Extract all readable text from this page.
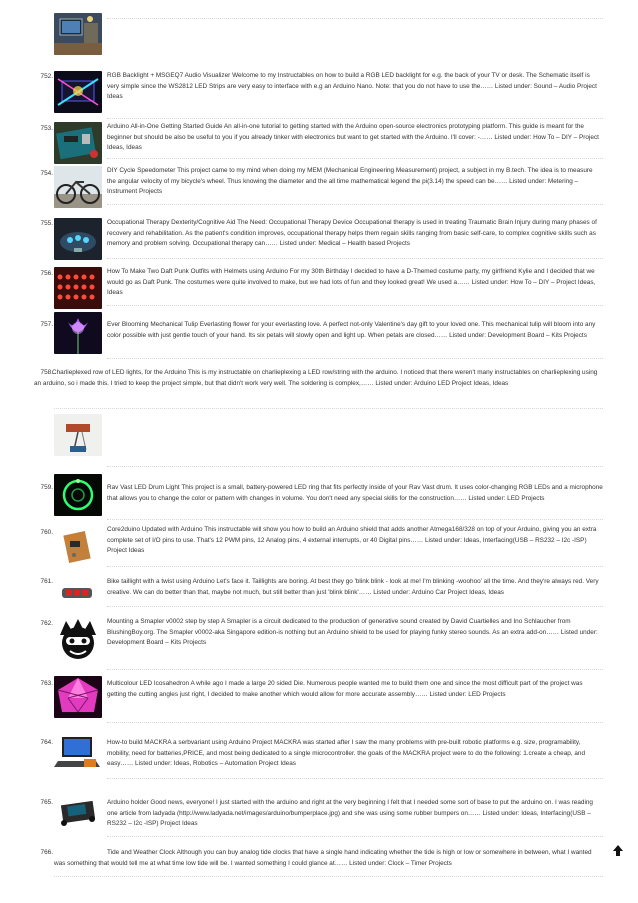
752.	RGB Backlight + MSGEQ7 Audio Visualizer Welcome to my Instructables on how to build a RGB LED backlight for e.g. the back of your TV or desk. The Schematic itself is very simple since the WS2812 LED Strips are very easy to interface with e.g an Arduino Nano. Note: that you do not have to use the…… Listed under: Sound – Audio Project Ideas
753.	Arduino All-in-One Getting Started Guide An all-in-one tutorial to getting started with the Arduino open-source electronics prototyping platform. This guide is meant for the beginner but should be also be useful to you if you already tinker with electronics but want to get started with the Arduino. I'll cover: -…… Listed under: How To – DIY – Project Ideas, Ideas
754.	DIY Cycle Speedometer This project came to my mind when doing my MEM (Mechanical Engineering Measurement) project, a subject in my B.tech. The idea is to measure the angular velocity of my bicycle's wheel. Thus knowing the diameter and the all time mathematical legend the pi(3.14) the speed can be…… Listed under: Metering – Instrument Projects
755.	Occupational Therapy Dexterity/Cognitive Aid The Need: Occupational Therapy Device Occupational therapy is used in treating Traumatic Brain Injury during many phases of recovery and rehabilitation. As the patient's condition improves, occupational therapy helps them regain skills ranging from basic self-care, to complex cognitive skills such as memory and problem solving. Occupational therapy can…… Listed under: Medical – Health based Projects
756.	How To Make Two Daft Punk Outfits with Helmets using Arduino For my 30th Birthday I decided to have a D-Themed costume party, my girlfriend Kylie and I decided that we would go as Daft Punk. The costumes were quite involved to make, but we had lots of fun and they looked great! We used a…… Listed under: How To – DIY – Project Ideas, Ideas
757.	Ever Blooming Mechanical Tulip Everlasting flower for your everlasting love. A perfect not-only Valentine's day gift to your loved one. This mechanical tulip will bloom into any color possible with just gentle touch of your hand. Its six petals will slowly open and light up. When petals are closed…… Listed under: Development Board – Kits Projects
758. Charlieplexed row of LED lights, for the Arduino This is my instructable on charlieplexing a LED row/string with the arduino. I noticed that there weren't many instructables on charlieplexing using an arduino, so i made this. I tried to keep the project simple, but that didn't work very well. The soldering is complex,…… Listed under: Arduino LED Project Ideas, Ideas
759.	Rav Vast LED Drum Light This project is a small, battery-powered LED ring that fits perfectly inside of your Rav Vast drum. It uses color-changing RGB LEDs and a microphone that allows you to change the color or pattern with changes in volume. You don't need any special skills for the construction…… Listed under: LED Projects
760.	Core2duino Updated with Arduino This instructable will show you how to build an Arduino shield that adds another Atmega168/328 on top of your Arduino, giving you an extra complete set of I/O pins to use. That's 12 PWM pins, 12 Analog pins, 4 external interrupts, or 40 Digital pins…… Listed under: Ideas, Interfacing(USB – RS232 – I2c -ISP) Project Ideas
761.	Bike taillight with a twist using Arduino Let's face it. Taillights are boring. At best they go 'blink blink - look at me! I'm blinking -woohoo' all the time. And they're always red. Very creative. We can do better than that, maybe not much, but still better than just 'blink blink'…… Listed under: Arduino Car Project Ideas, Ideas
762.	Mounting a Smapler v0002 step by step A Smapler is a circuit dedicated to the production of generative sound created by David Cuartielles and Ino Schlaucher from BlushingBoy.org. The Smapler v0002-aka Singapore edition-is nothing but an Arduino shield to be used for playing funky stereo sounds. As an extra add-on…… Listed under: Development Board – Kits Projects
763.	Multicolour LED Icosahedron A while ago I made a large 20 sided Die. Numerous people wanted me to build them one and since the most difficult part of the project was getting the cutting angles just right, I decided to make another which would allow for more accurate assembly…… Listed under: LED Projects
764.	How-to build MACKRA a serbvariant using Arduino Project MACKRA was started after I saw the many problems with pre-built robotic platforms e.g. size, programability, mobility, need for batteries,PRICE, and most being dedicated to a single microcontroller. the goals of the MACKRA project were to do the following: 1.create a cheap, and easy…… Listed under: Ideas, Robotics – Automation Project Ideas
765.	Arduino holder Good news, everyone! I just started with the arduino and right at the very beginning I felt that I needed some sort of base to put the arduino on. I was reading one article from ladyada (http://www.ladyada.net/images/arduino/bumperplace.jpg) and she was using some rubber bumpers on…… Listed under: Ideas, Interfacing(USB – RS232 – I2c -ISP) Project Ideas
766.	Tide and Weather Clock Although you can buy analog tide clocks that have a single hand indicating whether the tide is high or low or somewhere in between, what I wanted was something that would tell me at what time low tide will be. I wanted something I could glance at…… Listed under: Clock – Timer Projects
